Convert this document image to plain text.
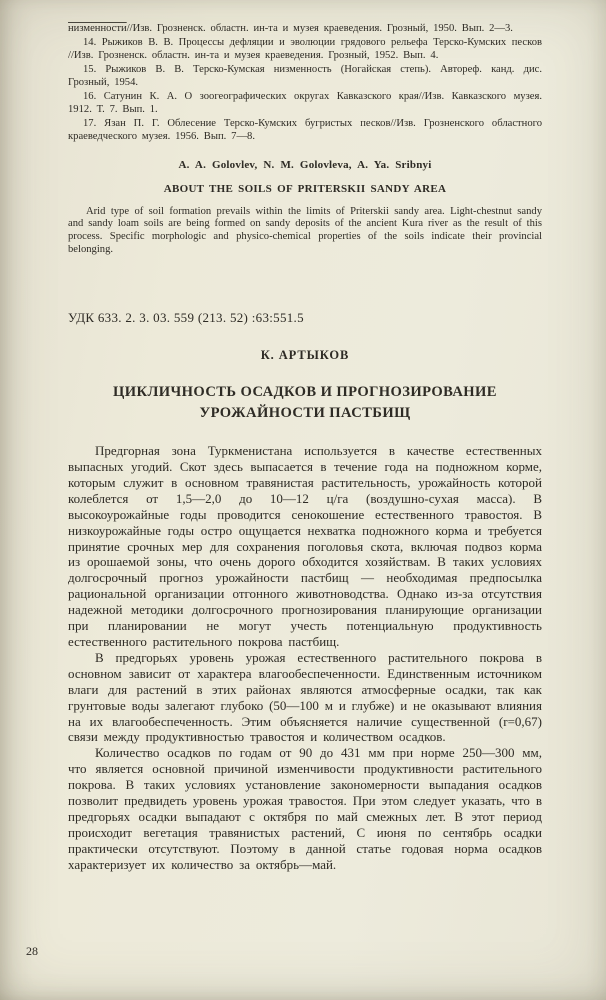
низменности//Изв. Грозненск. областн. ин-та и музея краеведения. Грозный, 1950. Вып. 2—3.

14. Рыжиков В. В. Процессы дефляции и эволюции грядового рельефа Терско-Кумских песков //Изв. Грозненск. областн. ин-та и музея краеведения. Грозный, 1952. Вып. 4.

15. Рыжиков В. В. Терско-Кумская низменность (Ногайская степь). Автореф. канд. дис. Грозный, 1954.

16. Сатунин К. А. О зоогеографических округах Кавказского края//Изв. Кавказского музея. 1912. Т. 7. Вып. 1.

17. Язан П. Г. Облесение Терско-Кумских бугристых песков//Изв. Грозненского областного краеведческого музея. 1956. Вып. 7—8.

A. A. Golovlev, N. M. Golovleva, A. Ya. Sribnyi

ABOUT THE SOILS OF PRITERSKII SANDY AREA

Arid type of soil formation prevails within the limits of Priterskii sandy area. Light-chestnut sandy and sandy loam soils are being formed on sandy deposits of the ancient Kura river as the result of this process. Specific morphologic and physico-chemical properties of the soils indicate their provincial belonging.

УДК 633. 2. 3. 03. 559 (213. 52) :63:551.5

К. АРТЫКОВ

ЦИКЛИЧНОСТЬ ОСАДКОВ И ПРОГНОЗИРОВАНИЕ
УРОЖАЙНОСТИ ПАСТБИЩ

Предгорная зона Туркменистана используется в качестве естественных выпасных угодий. Скот здесь выпасается в течение года на подножном корме, которым служит в основном травянистая растительность, урожайность которой колеблется от 1,5—2,0 до 10—12 ц/га (воздушно-сухая масса). В высокоурожайные годы проводится сенокошение естественного травостоя. В низкоурожайные годы остро ощущается нехватка подножного корма и требуется принятие срочных мер для сохранения поголовья скота, включая подвоз корма из орошаемой зоны, что очень дорого обходится хозяйствам. В таких условиях долгосрочный прогноз урожайности пастбищ — необходимая предпосылка рациональной организации отгонного животноводства. Однако из-за отсутствия надежной методики долгосрочного прогнозирования планирующие организации при планировании не могут учесть потенциальную продуктивность естественного растительного покрова пастбищ.

В предгорьях уровень урожая естественного растительного покрова в основном зависит от характера влагообеспеченности. Единственным источником влаги для растений в этих районах являются атмосферные осадки, так как грунтовые воды залегают глубоко (50—100 м и глубже) и не оказывают влияния на их влагообеспеченность. Этим объясняется наличие существенной (r=0,67) связи между продуктивностью травостоя и количеством осадков.

Количество осадков по годам от 90 до 431 мм при норме 250—300 мм, что является основной причиной изменчивости продуктивности растительного покрова. В таких условиях установление закономерности выпадания осадков позволит предвидеть уровень урожая травостоя. При этом следует указать, что в предгорьях осадки выпадают с октября по май смежных лет. В этот период происходит вегетация травянистых растений, С июня по сентябрь осадки практически отсутствуют. Поэтому в данной статье годовая норма осадков характеризует их количество за октябрь—май.

28
